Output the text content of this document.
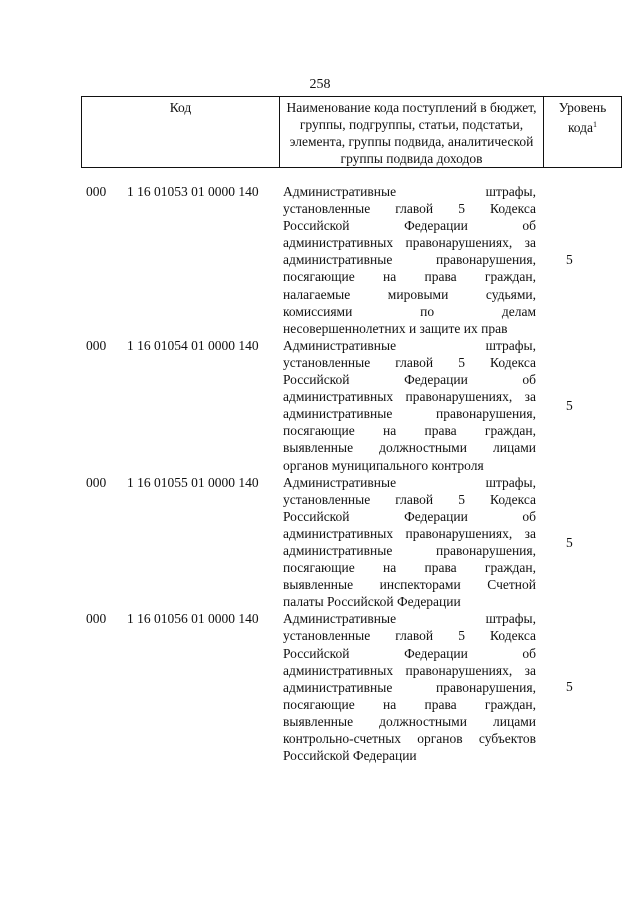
258
Код	Наименование кода поступлений в бюджет, группы, подгруппы, статьи, подстатьи, элемента, группы подвида, аналитической группы подвида доходов	Уровень кода$^1$
000 1 16 01053 01 0000 140 Административные штрафы,
установленные главой 5 Кодекса
Российской Федерации об
административных правонарушениях, за
административные правонарушения,
посягающие на права граждан,
налагаемые мировыми судьями,
комиссиями по делам
несовершеннолетних и защите их прав
5
000 1 16 01054 01 0000 140 Административные штрафы,
установленные главой 5 Кодекса
Российской Федерации об
административных правонарушениях, за
административные правонарушения,
посягающие на права граждан,
выявленные должностными лицами
органов муниципального контроля
5
000 1 16 01055 01 0000 140 Административные штрафы,
установленные главой 5 Кодекса
Российской Федерации об
административных правонарушениях, за
административные правонарушения,
посягающие на права граждан,
выявленные инспекторами Счетной
палаты Российской Федерации
5
000 1 16 01056 01 0000 140 Административные штрафы,
установленные главой 5 Кодекса
Российской Федерации об
административных правонарушениях, за
административные правонарушения,
посягающие на права граждан,
выявленные должностными лицами
контрольно-счетных органов субъектов
Российской Федерации
5
